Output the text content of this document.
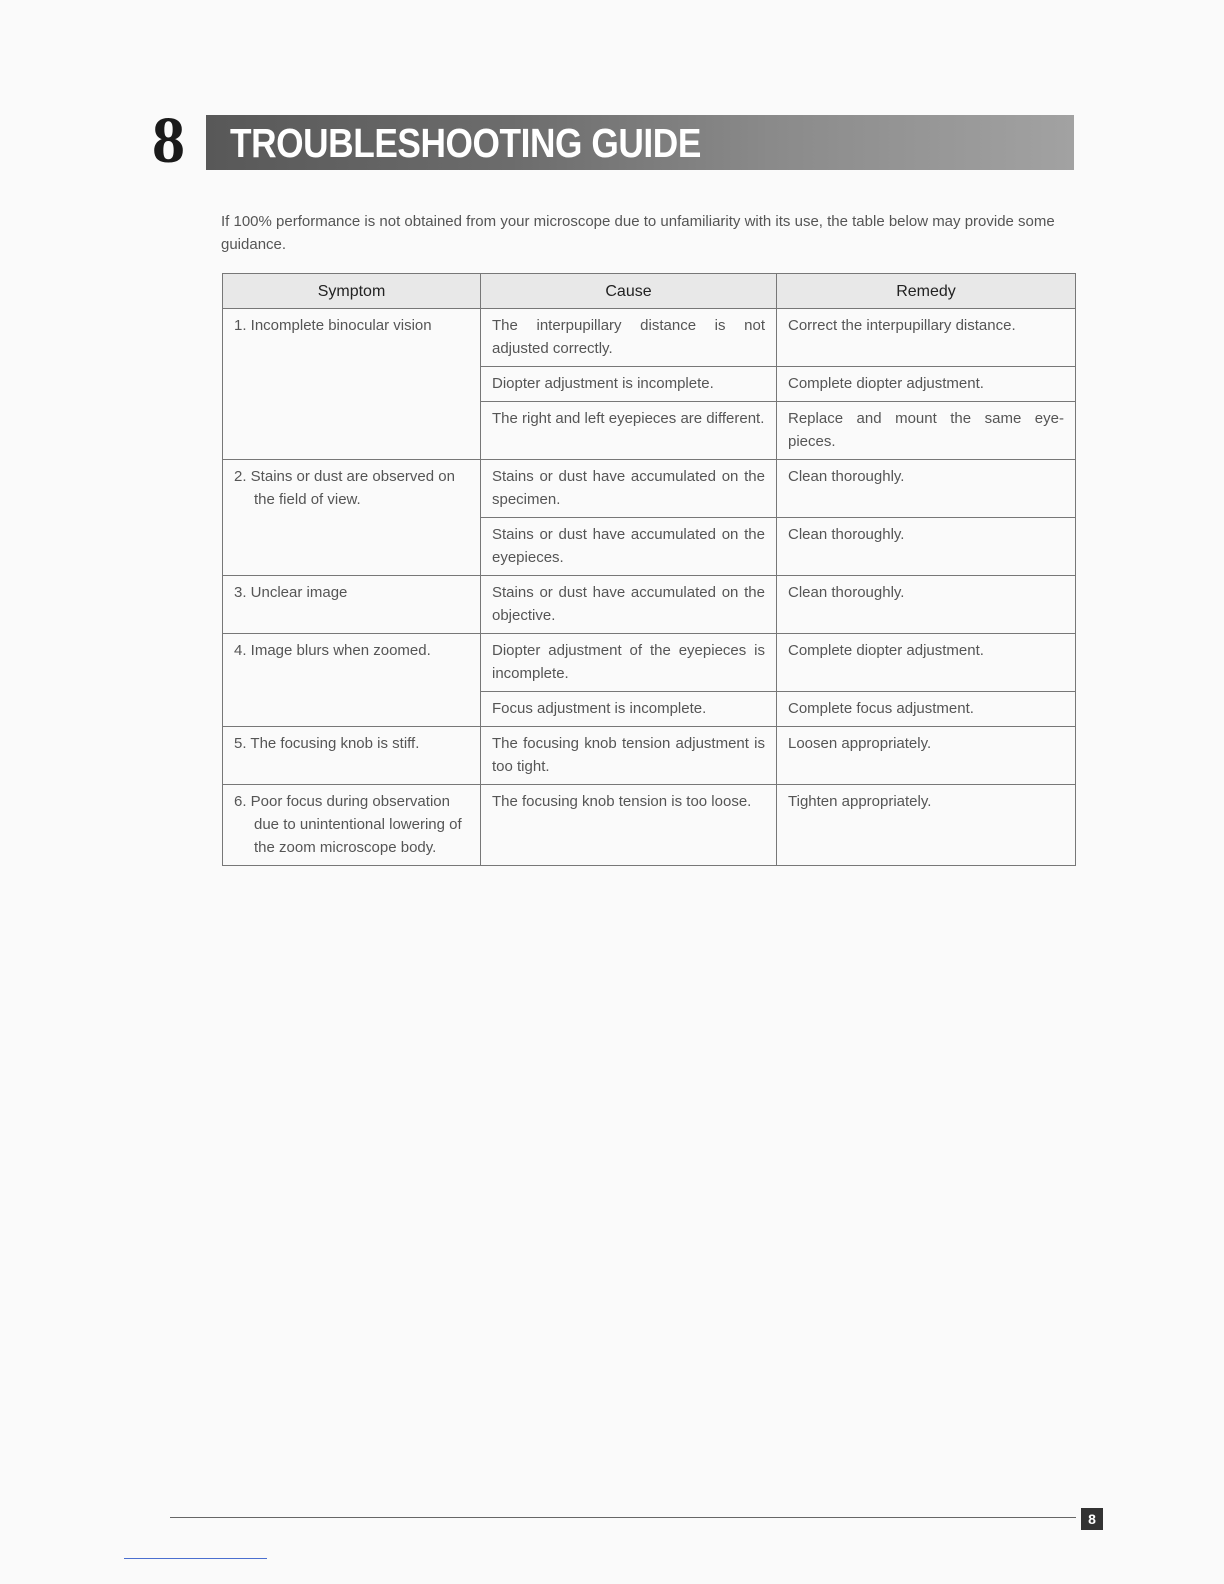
8 TROUBLESHOOTING GUIDE

If 100% performance is not obtained from your microscope due to unfamiliarity with its use, the table below may provide some guidance.

Symptom	Cause	Remedy

1. Incomplete binocular vision	The interpupillary distance is not adjusted correctly.	Correct the interpupillary distance.
	Diopter adjustment is incomplete.	Complete diopter adjustment.
	The right and left eyepieces are different.	Replace and mount the same eye-pieces.

2. Stains or dust are observed on the field of view.	Stains or dust have accumulated on the specimen.	Clean thoroughly.
	Stains or dust have accumulated on the eyepieces.	Clean thoroughly.

3. Unclear image	Stains or dust have accumulated on the objective.	Clean thoroughly.

4. Image blurs when zoomed.	Diopter adjustment of the eyepieces is incomplete.	Complete diopter adjustment.
	Focus adjustment is incomplete.	Complete focus adjustment.

5. The focusing knob is stiff.	The focusing knob tension adjustment is too tight.	Loosen appropriately.

6. Poor focus during observation due to unintentional lowering of the zoom microscope body.	The focusing knob tension is too loose.	Tighten appropriately.
8
